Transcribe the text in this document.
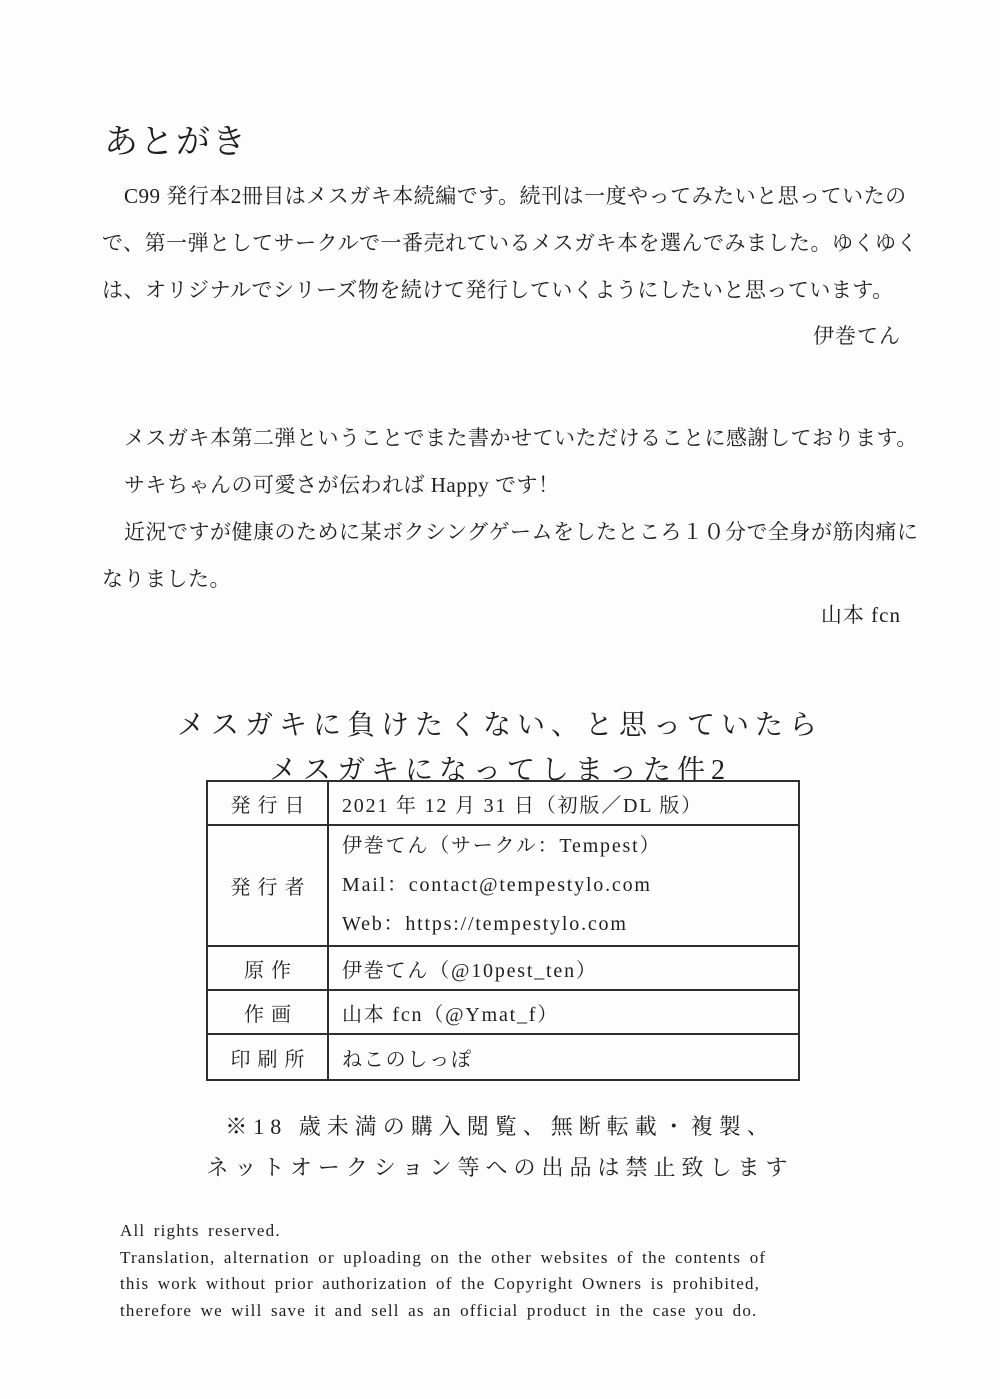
あとがき
C99 発行本2冊目はメスガキ本続編です。続刊は一度やってみたいと思っていたの
で、第一弾としてサークルで一番売れているメスガキ本を選んでみました。ゆくゆく
は、オリジナルでシリーズ物を続けて発行していくようにしたいと思っています。
伊巻てん
メスガキ本第二弾ということでまた書かせていただけることに感謝しております。
サキちゃんの可愛さが伝われば Happy です！
近況ですが健康のために某ボクシングゲームをしたところ１０分で全身が筋肉痛に
なりました。
山本 fcn
メスガキに負けたくない、と思っていたら
メスガキになってしまった件2
発行日	2021 年 12 月 31 日（初版／DL 版）
発行者	伊巻てん（サークル：Tempest）
Mail：contact@tempestylo.com
Web：https://tempestylo.com

原作	伊巻てん（@10pest_ten）
作画	山本 fcn（@Ymat_f）
印刷所	ねこのしっぽ
※18 歳未満の購入閲覧、無断転載・複製、
ネットオークション等への出品は禁止致します
All rights reserved.
Translation, alternation or uploading on the other websites of the contents of
this work without prior authorization of the Copyright Owners is prohibited,
therefore we will save it and sell as an official product in the case you do.
